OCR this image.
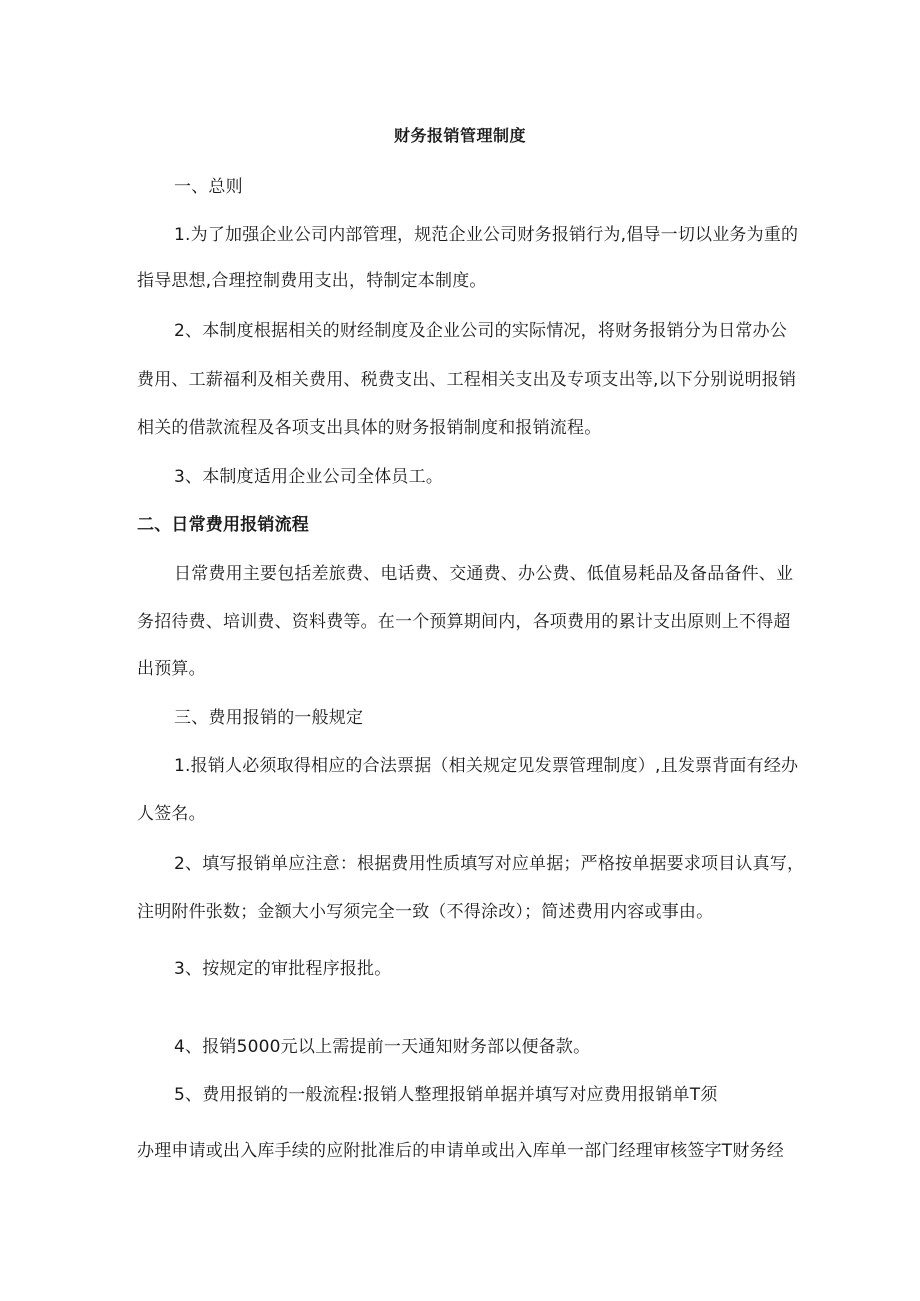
财务报销管理制度
一、总则
1.为了加强企业公司内部管理，规范企业公司财务报销行为,倡导一切以业务为重的
指导思想,合理控制费用支出，特制定本制度。
2、本制度根据相关的财经制度及企业公司的实际情况，将财务报销分为日常办公
费用、工薪福利及相关费用、税费支出、工程相关支出及专项支出等,以下分别说明报销
相关的借款流程及各项支出具体的财务报销制度和报销流程。
3、本制度适用企业公司全体员工。
二、日常费用报销流程
日常费用主要包括差旅费、电话费、交通费、办公费、低值易耗品及备品备件、业
务招待费、培训费、资料费等。在一个预算期间内，各项费用的累计支出原则上不得超
出预算。
三、费用报销的一般规定
1.报销人必须取得相应的合法票据（相关规定见发票管理制度）,且发票背面有经办
人签名。
2、填写报销单应注意：根据费用性质填写对应单据；严格按单据要求项目认真写，
注明附件张数；金额大小写须完全一致（不得涂改）；简述费用内容或事由。
3、按规定的审批程序报批。
4、报销5000元以上需提前一天通知财务部以便备款。
5、费用报销的一般流程:报销人整理报销单据并填写对应费用报销单T须
办理申请或出入库手续的应附批准后的申请单或出入库单一部门经理审核签字T财务经
